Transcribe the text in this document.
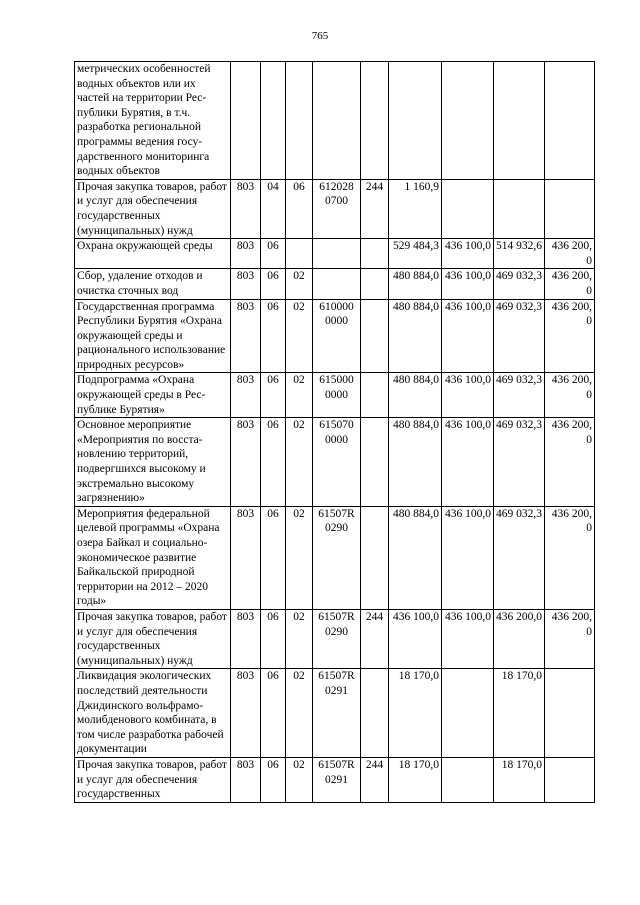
765
метрических особенностей водных объектов или их частей на территории Республики Бурятия, в т.ч. разработка региональной программы ведения государственного мониторинга водных объектов									
Прочая закупка товаров, работ и услуг для обеспечения государственных (муниципальных) нужд	803	04	06	612028 0700	244	1 160,9			
Охрана окружающей среды	803	06				529 484,3	436 100,0	514 932,6	436 200,0
Сбор, удаление отходов и очистка сточных вод	803	06	02			480 884,0	436 100,0	469 032,3	436 200,0
Государственная программа Республики Бурятия «Охрана окружающей среды и рационального использование природных ресурсов»	803	06	02	610000 0000		480 884,0	436 100,0	469 032,3	436 200,0
Подпрограмма «Охрана окружающей среды в Республике Бурятия»	803	06	02	615000 0000		480 884,0	436 100,0	469 032,3	436 200,0
Основное мероприятие «Мероприятия по восстановлению территорий, подвергшихся высокому и экстремально высокому загрязнению»	803	06	02	615070 0000		480 884,0	436 100,0	469 032,3	436 200,0
Мероприятия федеральной целевой программы «Охрана озера Байкал и социально-экономическое развитие Байкальской природной территории на 2012 – 2020 годы»	803	06	02	61507R 0290		480 884,0	436 100,0	469 032,3	436 200,0
Прочая закупка товаров, работ и услуг для обеспечения государственных (муниципальных) нужд	803	06	02	61507R 0290	244	436 100,0	436 100,0	436 200,0	436 200,0
Ликвидация экологических последствий деятельности Джидинского вольфрамомолибденового комбината, в том числе разработка рабочей документации	803	06	02	61507R 0291		18 170,0		18 170,0	
Прочая закупка товаров, работ и услуг для обеспечения государственных	803	06	02	61507R 0291	244	18 170,0		18 170,0	
